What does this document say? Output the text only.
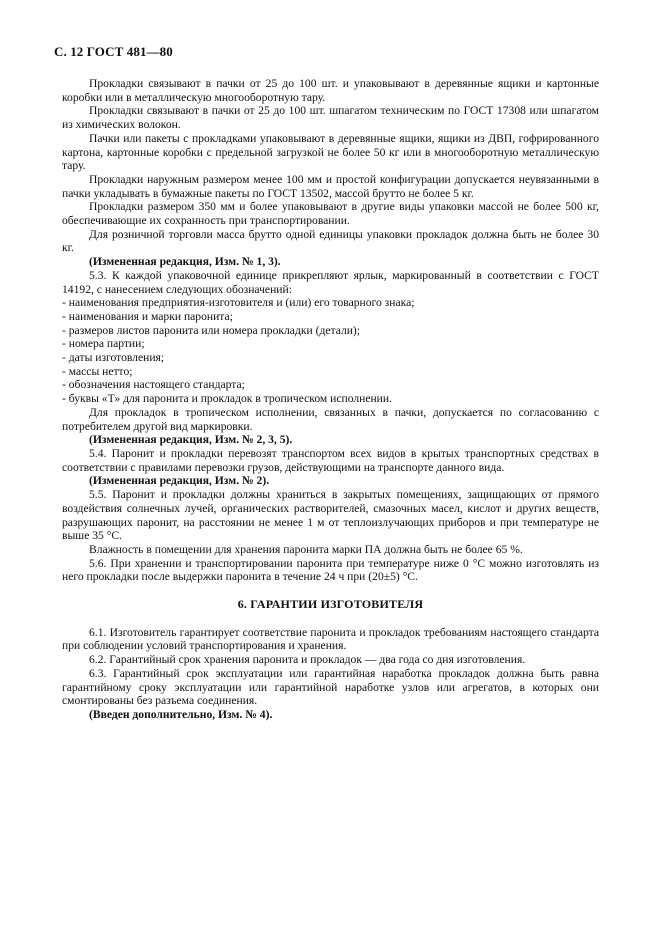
С. 12 ГОСТ 481—80

Прокладки связывают в пачки от 25 до 100 шт. и упаковывают в деревянные ящики и картонные коробки или в металлическую многооборотную тару.

Прокладки связывают в пачки от 25 до 100 шт. шпагатом техническим по ГОСТ 17308 или шпагатом из химических волокон.

Пачки или пакеты с прокладками упаковывают в деревянные ящики, ящики из ДВП, гофрированного картона, картонные коробки с предельной загрузкой не более 50 кг или в многооборотную металлическую тару.

Прокладки наружным размером менее 100 мм и простой конфигурации допускается неувязанными в пачки укладывать в бумажные пакеты по ГОСТ 13502, массой брутто не более 5 кг.

Прокладки размером 350 мм и более упаковывают в другие виды упаковки массой не более 500 кг, обеспечивающие их сохранность при транспортировании.

Для розничной торговли масса брутто одной единицы упаковки прокладок должна быть не более 30 кг.

(Измененная редакция, Изм. № 1, 3).

5.3. К каждой упаковочной единице прикрепляют ярлык, маркированный в соответствии с ГОСТ 14192, с нанесением следующих обозначений:

- наименования предприятия-изготовителя и (или) его товарного знака;

- наименования и марки паронита;

- размеров листов паронита или номера прокладки (детали);

- номера партии;

- даты изготовления;

- массы нетто;

- обозначения настоящего стандарта;

- буквы «Т» для паронита и прокладок в тропическом исполнении.

Для прокладок в тропическом исполнении, связанных в пачки, допускается по согласованию с потребителем другой вид маркировки.

(Измененная редакция, Изм. № 2, 3, 5).

5.4. Паронит и прокладки перевозят транспортом всех видов в крытых транспортных средствах в соответствии с правилами перевозки грузов, действующими на транспорте данного вида.

(Измененная редакция, Изм. № 2).

5.5. Паронит и прокладки должны храниться в закрытых помещениях, защищающих от прямого воздействия солнечных лучей, органических растворителей, смазочных масел, кислот и других веществ, разрушающих паронит, на расстоянии не менее 1 м от теплоизлучающих приборов и при температуре не выше 35 °С.

Влажность в помещении для хранения паронита марки ПА должна быть не более 65 %.

5.6. При хранении и транспортировании паронита при температуре ниже 0 °С можно изготовлять из него прокладки после выдержки паронита в течение 24 ч при (20±5) °С.

6. ГАРАНТИИ ИЗГОТОВИТЕЛЯ

6.1. Изготовитель гарантирует соответствие паронита и прокладок требованиям настоящего стандарта при соблюдении условий транспортирования и хранения.

6.2. Гарантийный срок хранения паронита и прокладок — два года со дня изготовления.

6.3. Гарантийный срок эксплуатации или гарантийная наработка прокладок должна быть равна гарантийному сроку эксплуатации или гарантийной наработке узлов или агрегатов, в которых они смонтированы без разъема соединения.

(Введен дополнительно, Изм. № 4).
